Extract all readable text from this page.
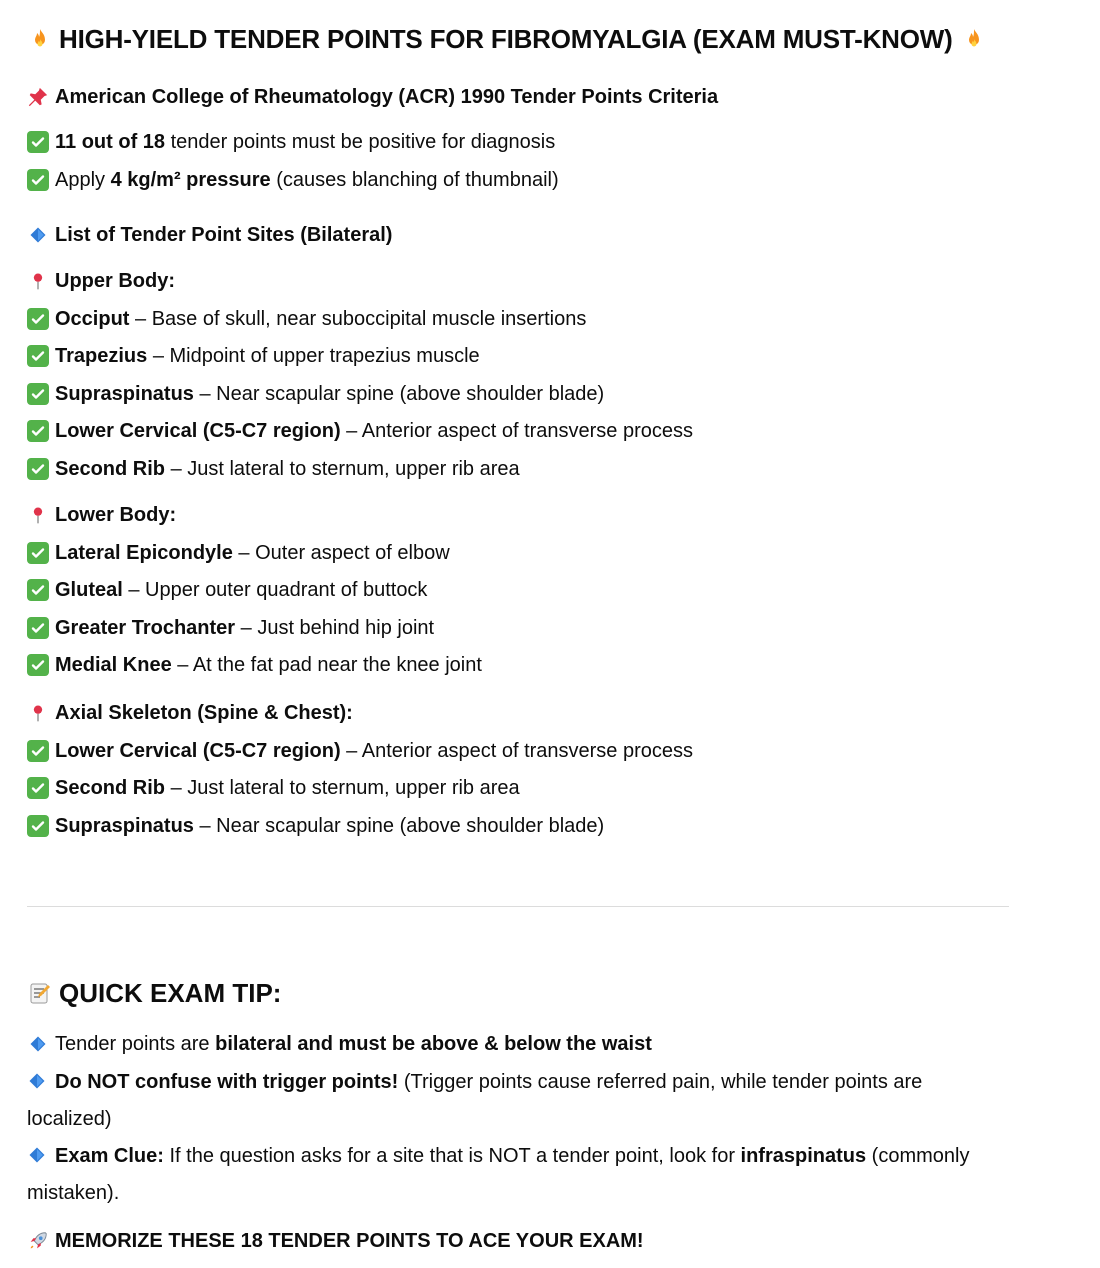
HIGH-YIELD TENDER POINTS FOR FIBROMYALGIA (EXAM MUST-KNOW)
American College of Rheumatology (ACR) 1990 Tender Points Criteria
11 out of 18 tender points must be positive for diagnosis
Apply 4 kg/m² pressure (causes blanching of thumbnail)
List of Tender Point Sites (Bilateral)
Upper Body:
Occiput – Base of skull, near suboccipital muscle insertions
Trapezius – Midpoint of upper trapezius muscle
Supraspinatus – Near scapular spine (above shoulder blade)
Lower Cervical (C5-C7 region) – Anterior aspect of transverse process
Second Rib – Just lateral to sternum, upper rib area
Lower Body:
Lateral Epicondyle – Outer aspect of elbow
Gluteal – Upper outer quadrant of buttock
Greater Trochanter – Just behind hip joint
Medial Knee – At the fat pad near the knee joint
Axial Skeleton (Spine & Chest):
Lower Cervical (C5-C7 region) – Anterior aspect of transverse process
Second Rib – Just lateral to sternum, upper rib area
Supraspinatus – Near scapular spine (above shoulder blade)
QUICK EXAM TIP:
Tender points are bilateral and must be above & below the waist
Do NOT confuse with trigger points! (Trigger points cause referred pain, while tender points are localized)
Exam Clue: If the question asks for a site that is NOT a tender point, look for infraspinatus (commonly mistaken).
MEMORIZE THESE 18 TENDER POINTS TO ACE YOUR EXAM!
